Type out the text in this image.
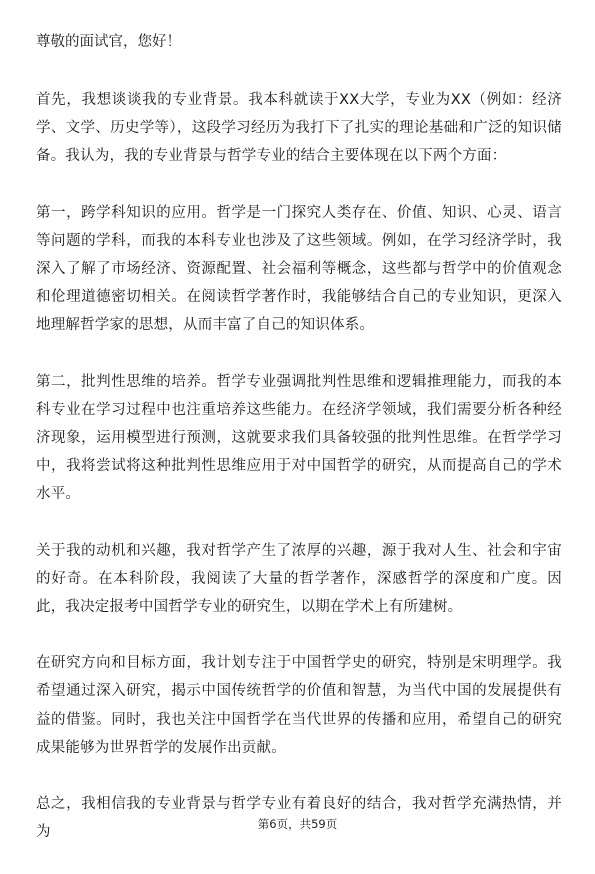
尊敬的面试官，您好！

首先，我想谈谈我的专业背景。我本科就读于XX大学，专业为XX（例如：经济学、文学、历史学等），这段学习经历为我打下了扎实的理论基础和广泛的知识储备。我认为，我的专业背景与哲学专业的结合主要体现在以下两个方面：

第一，跨学科知识的应用。哲学是一门探究人类存在、价值、知识、心灵、语言等问题的学科，而我的本科专业也涉及了这些领域。例如，在学习经济学时，我深入了解了市场经济、资源配置、社会福利等概念，这些都与哲学中的价值观念和伦理道德密切相关。在阅读哲学著作时，我能够结合自己的专业知识，更深入地理解哲学家的思想，从而丰富了自己的知识体系。

第二，批判性思维的培养。哲学专业强调批判性思维和逻辑推理能力，而我的本科专业在学习过程中也注重培养这些能力。在经济学领域，我们需要分析各种经济现象，运用模型进行预测，这就要求我们具备较强的批判性思维。在哲学学习中，我将尝试将这种批判性思维应用于对中国哲学的研究，从而提高自己的学术水平。

关于我的动机和兴趣，我对哲学产生了浓厚的兴趣，源于我对人生、社会和宇宙的好奇。在本科阶段，我阅读了大量的哲学著作，深感哲学的深度和广度。因此，我决定报考中国哲学专业的研究生，以期在学术上有所建树。

在研究方向和目标方面，我计划专注于中国哲学史的研究，特别是宋明理学。我希望通过深入研究，揭示中国传统哲学的价值和智慧，为当代中国的发展提供有益的借鉴。同时，我也关注中国哲学在当代世界的传播和应用，希望自己的研究成果能够为世界哲学的发展作出贡献。

总之，我相信我的专业背景与哲学专业有着良好的结合，我对哲学充满热情，并为

第6页，共59页
